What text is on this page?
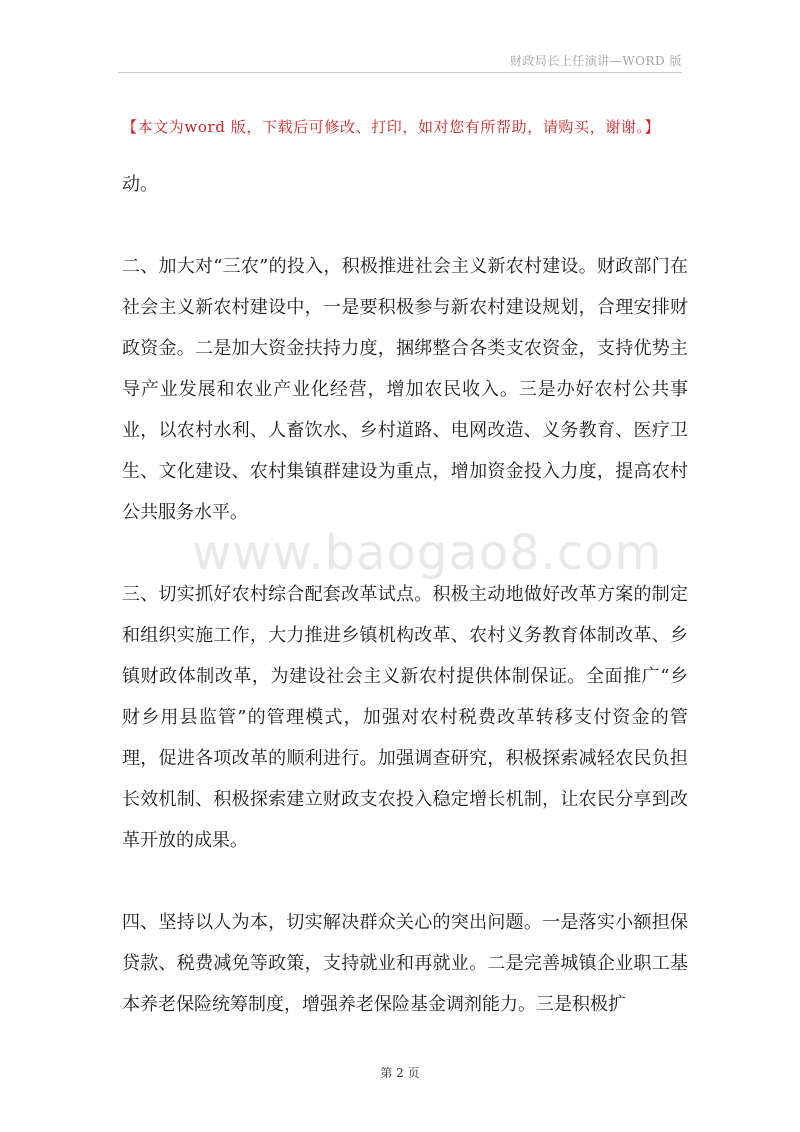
财政局长上任演讲—WORD 版
【本文为word 版，下载后可修改、打印，如对您有所帮助，请购买，谢谢。】
www.baogao8.com

动。

二、加大对“三农”的投入，积极推进社会主义新农村建设。财政部门在社会主义新农村建设中，一是要积极参与新农村建设规划，合理安排财政资金。二是加大资金扶持力度，捆绑整合各类支农资金，支持优势主导产业发展和农业产业化经营，增加农民收入。三是办好农村公共事业，以农村水利、人畜饮水、乡村道路、电网改造、义务教育、医疗卫生、文化建设、农村集镇群建设为重点，增加资金投入力度，提高农村公共服务水平。

三、切实抓好农村综合配套改革试点。积极主动地做好改革方案的制定和组织实施工作，大力推进乡镇机构改革、农村义务教育体制改革、乡镇财政体制改革，为建设社会主义新农村提供体制保证。全面推广“乡财乡用县监管”的管理模式，加强对农村税费改革转移支付资金的管理，促进各项改革的顺利进行。加强调查研究，积极探索减轻农民负担长效机制、积极探索建立财政支农投入稳定增长机制，让农民分享到改革开放的成果。

四、坚持以人为本，切实解决群众关心的突出问题。一是落实小额担保贷款、税费减免等政策，支持就业和再就业。二是完善城镇企业职工基本养老保险统筹制度，增强养老保险基金调剂能力。三是积极扩

第 2 页
